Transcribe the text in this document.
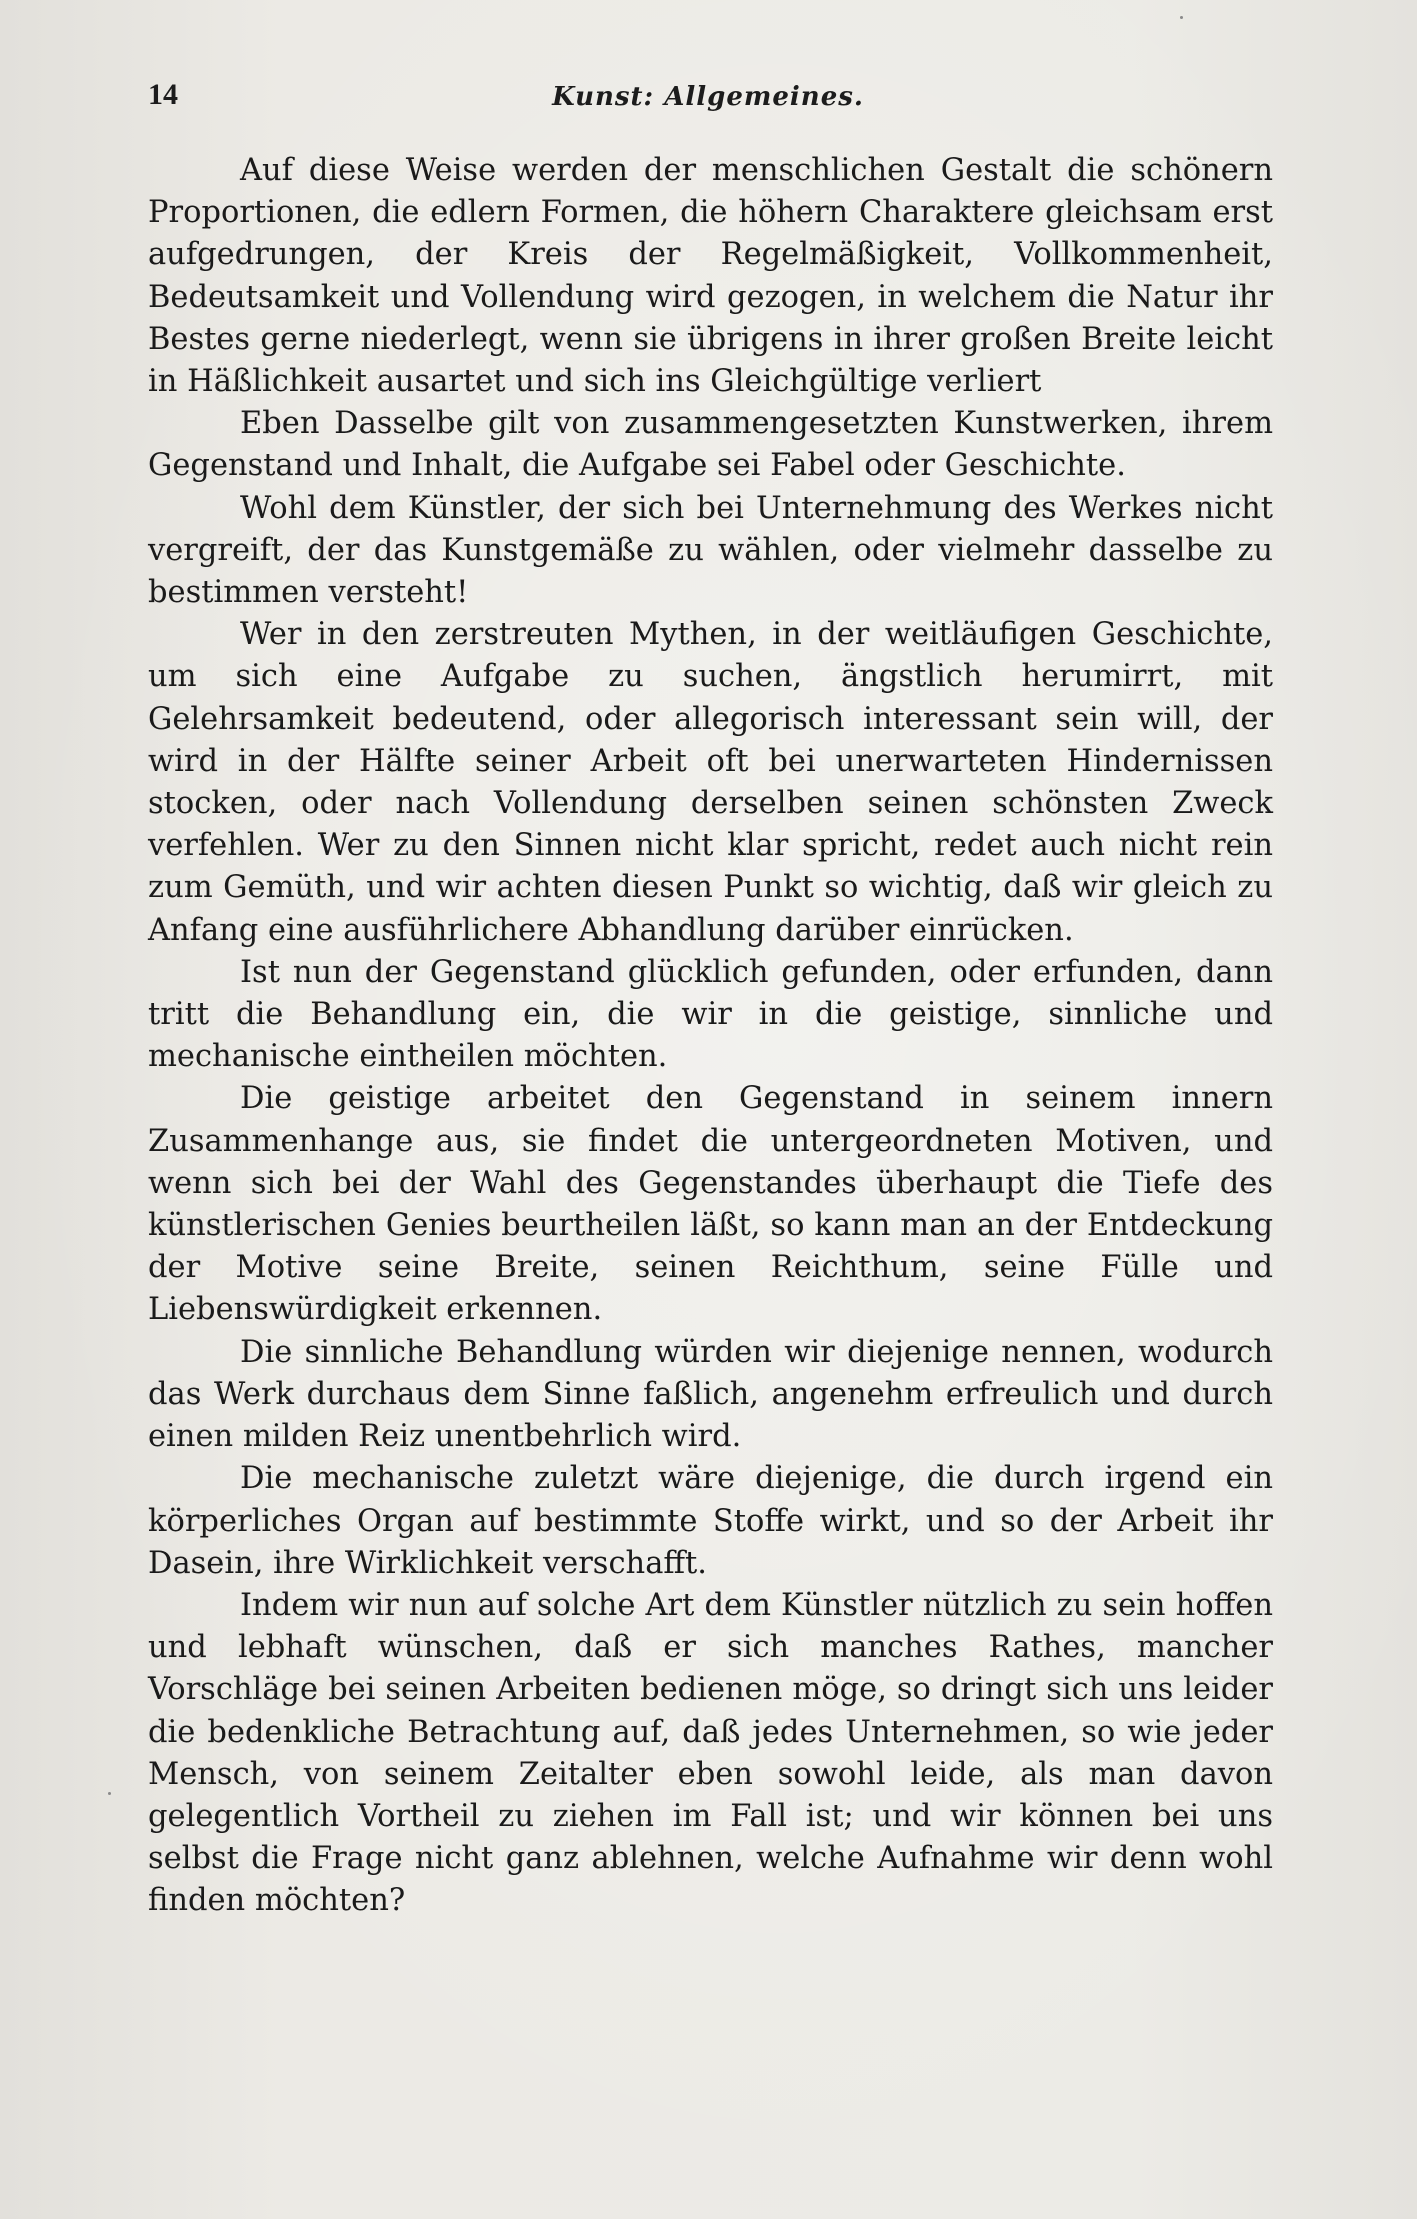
14	Kunst: Allgemeines.

Auf diese Weise werden der menschlichen Gestalt die schönern Proportionen, die edlern Formen, die höhern Charaktere gleichsam erst aufgedrungen, der Kreis der Regelmäßigkeit, Vollkommenheit, Bedeutsamkeit und Vollendung wird gezogen, in welchem die Natur ihr Bestes gerne niederlegt, wenn sie übrigens in ihrer großen Breite leicht in Häßlichkeit ausartet und sich ins Gleichgültige verliert

Eben Dasselbe gilt von zusammengesetzten Kunstwerken, ihrem Gegenstand und Inhalt, die Aufgabe sei Fabel oder Geschichte.

Wohl dem Künstler, der sich bei Unternehmung des Werkes nicht vergreift, der das Kunstgemäße zu wählen, oder vielmehr dasselbe zu bestimmen versteht!

Wer in den zerstreuten Mythen, in der weitläufigen Geschichte, um sich eine Aufgabe zu suchen, ängstlich herumirrt, mit Gelehrsamkeit bedeutend, oder allegorisch interessant sein will, der wird in der Hälfte seiner Arbeit oft bei unerwarteten Hindernissen stocken, oder nach Vollendung derselben seinen schönsten Zweck verfehlen. Wer zu den Sinnen nicht klar spricht, redet auch nicht rein zum Gemüth, und wir achten diesen Punkt so wichtig, daß wir gleich zu Anfang eine ausführlichere Abhandlung darüber einrücken.

Ist nun der Gegenstand glücklich gefunden, oder erfunden, dann tritt die Behandlung ein, die wir in die geistige, sinnliche und mechanische eintheilen möchten.

Die geistige arbeitet den Gegenstand in seinem innern Zusammenhange aus, sie findet die untergeordneten Motiven, und wenn sich bei der Wahl des Gegenstandes überhaupt die Tiefe des künstlerischen Genies beurtheilen läßt, so kann man an der Entdeckung der Motive seine Breite, seinen Reichthum, seine Fülle und Liebenswürdigkeit erkennen.

Die sinnliche Behandlung würden wir diejenige nennen, wodurch das Werk durchaus dem Sinne faßlich, angenehm erfreulich und durch einen milden Reiz unentbehrlich wird.

Die mechanische zuletzt wäre diejenige, die durch irgend ein körperliches Organ auf bestimmte Stoffe wirkt, und so der Arbeit ihr Dasein, ihre Wirklichkeit verschafft.

Indem wir nun auf solche Art dem Künstler nützlich zu sein hoffen und lebhaft wünschen, daß er sich manches Rathes, mancher Vorschläge bei seinen Arbeiten bedienen möge, so dringt sich uns leider die bedenkliche Betrachtung auf, daß jedes Unternehmen, so wie jeder Mensch, von seinem Zeitalter eben sowohl leide, als man davon gelegentlich Vortheil zu ziehen im Fall ist; und wir können bei uns selbst die Frage nicht ganz ablehnen, welche Aufnahme wir denn wohl finden möchten?
